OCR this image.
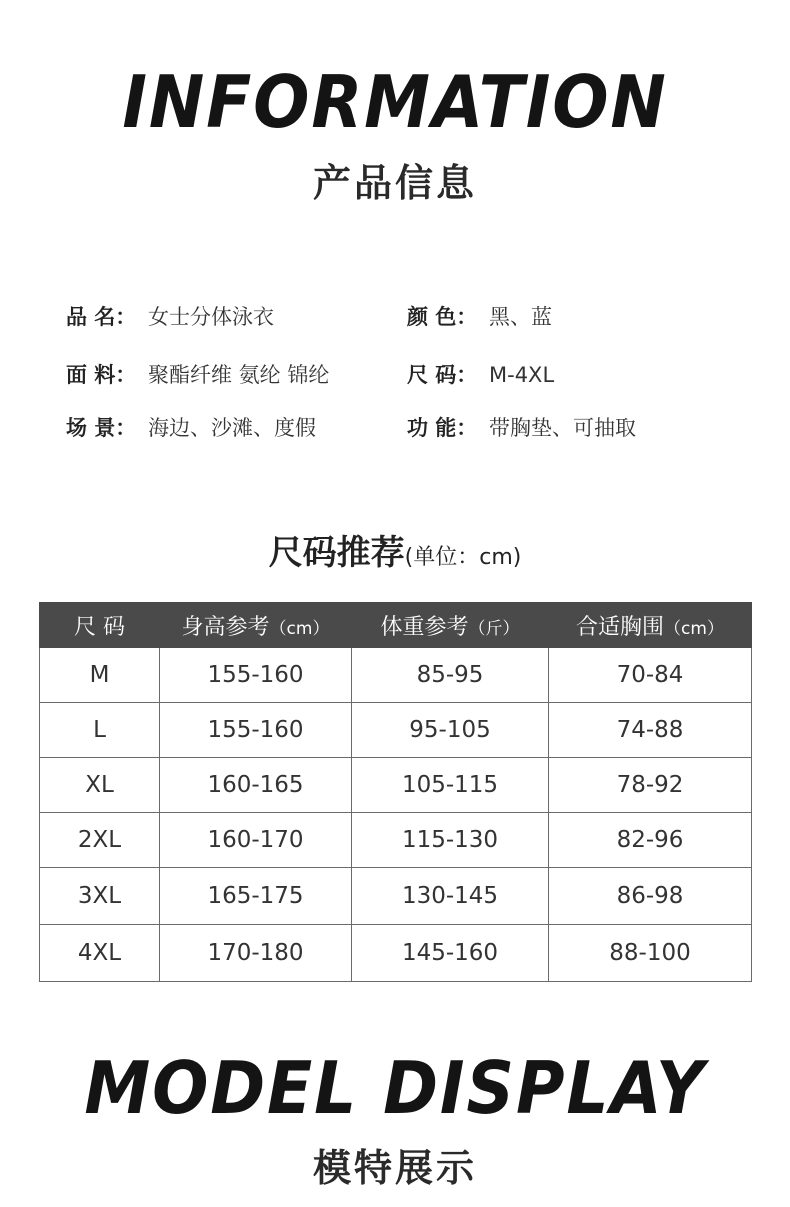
INFORMATION
产品信息
品 名： 女士分体泳衣	颜 色： 黑、蓝
面 料： 聚酯纤维 氨纶 锦纶	尺 码： M-4XL
场 景： 海边、沙滩、度假	功 能： 带胸垫、可抽取
尺码推荐(单位：cm)
尺 码	身高参考（cm）	体重参考（斤）	合适胸围（cm）
M	155-160	85-95	70-84
L	155-160	95-105	74-88
XL	160-165	105-115	78-92
2XL	160-170	115-130	82-96
3XL	165-175	130-145	86-98
4XL	170-180	145-160	88-100
MODEL DISPLAY
模特展示
